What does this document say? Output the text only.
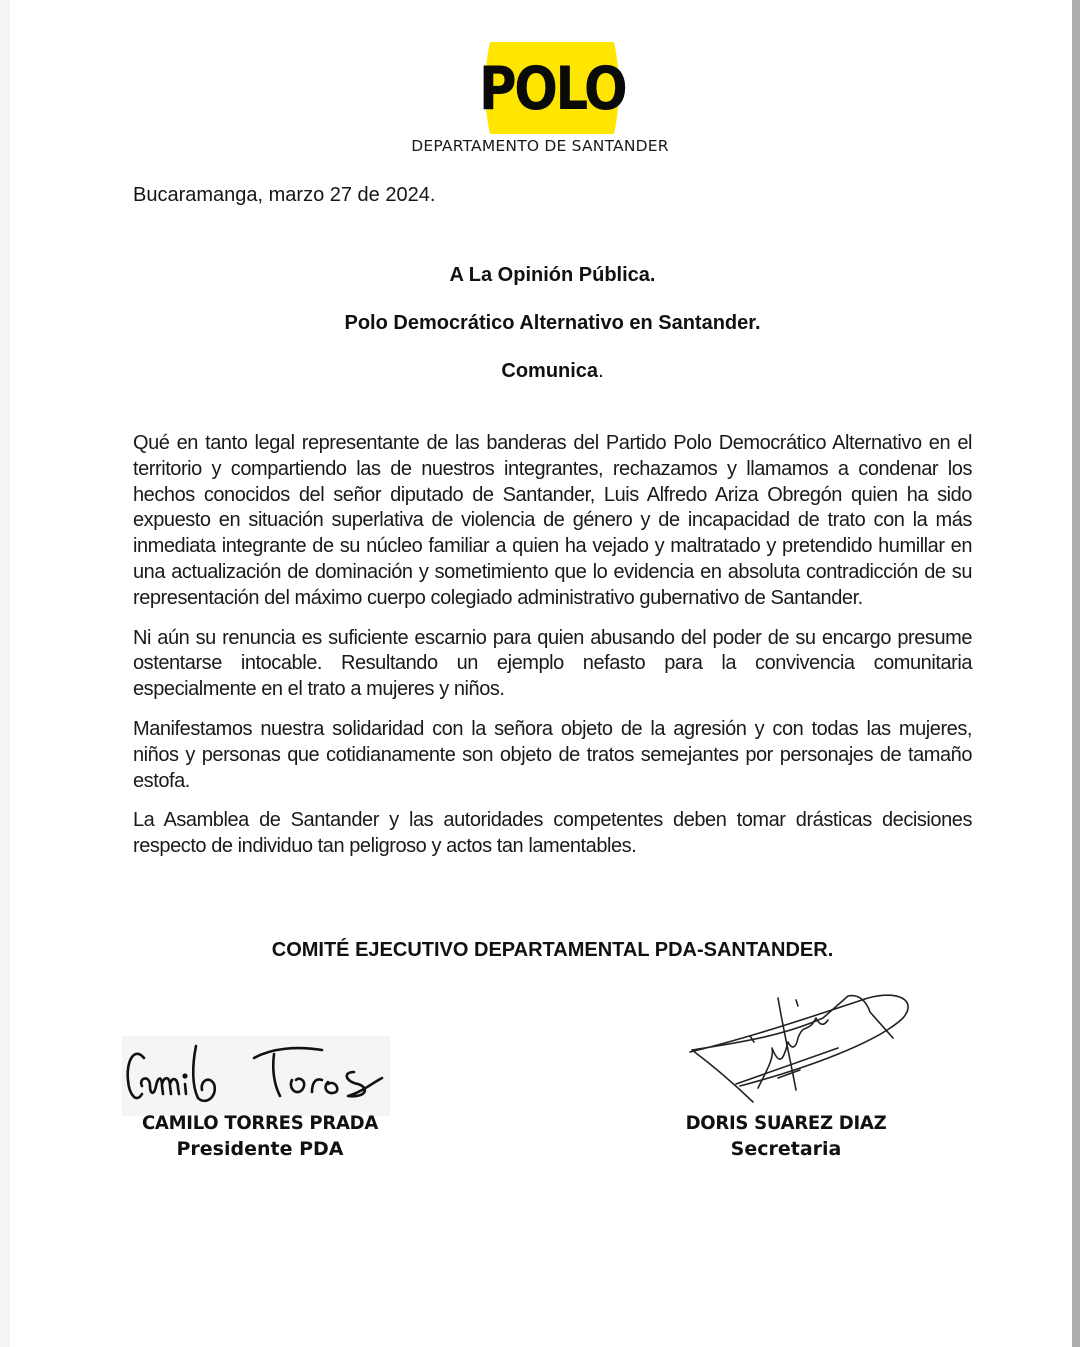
POLO
DEPARTAMENTO DE SANTANDER
Bucaramanga, marzo 27 de 2024.
A La Opinión Pública.
Polo Democrático Alternativo en Santander.
Comunica.

Qué en tanto legal representante de las banderas del Partido Polo Democrático Alternativo en el territorio y compartiendo las de nuestros integrantes, rechazamos y llamamos a condenar los hechos conocidos del señor diputado de Santander, Luis Alfredo Ariza Obregón quien ha sido expuesto en situación superlativa de violencia de género y de incapacidad de trato con la más inmediata integrante de su núcleo familiar a quien ha vejado y maltratado y pretendido humillar en una actualización de dominación y sometimiento que lo evidencia en absoluta contradicción de su representación del máximo cuerpo colegiado administrativo gubernativo de Santander.

Ni aún su renuncia es suficiente escarnio para quien abusando del poder de su encargo presume ostentarse intocable. Resultando un ejemplo nefasto para la convivencia comunitaria especialmente en el trato a mujeres y niños.

Manifestamos nuestra solidaridad con la señora objeto de la agresión y con todas las mujeres, niños y personas que cotidianamente son objeto de tratos semejantes por personajes de tamaño estofa.

La Asamblea de Santander y las autoridades competentes deben tomar drásticas decisiones respecto de individuo tan peligroso y actos tan lamentables.

COMITÉ EJECUTIVO DEPARTAMENTAL PDA-SANTANDER.
CAMILO TORRES PRADA
Presidente PDA
DORIS SUAREZ DIAZ
Secretaria
